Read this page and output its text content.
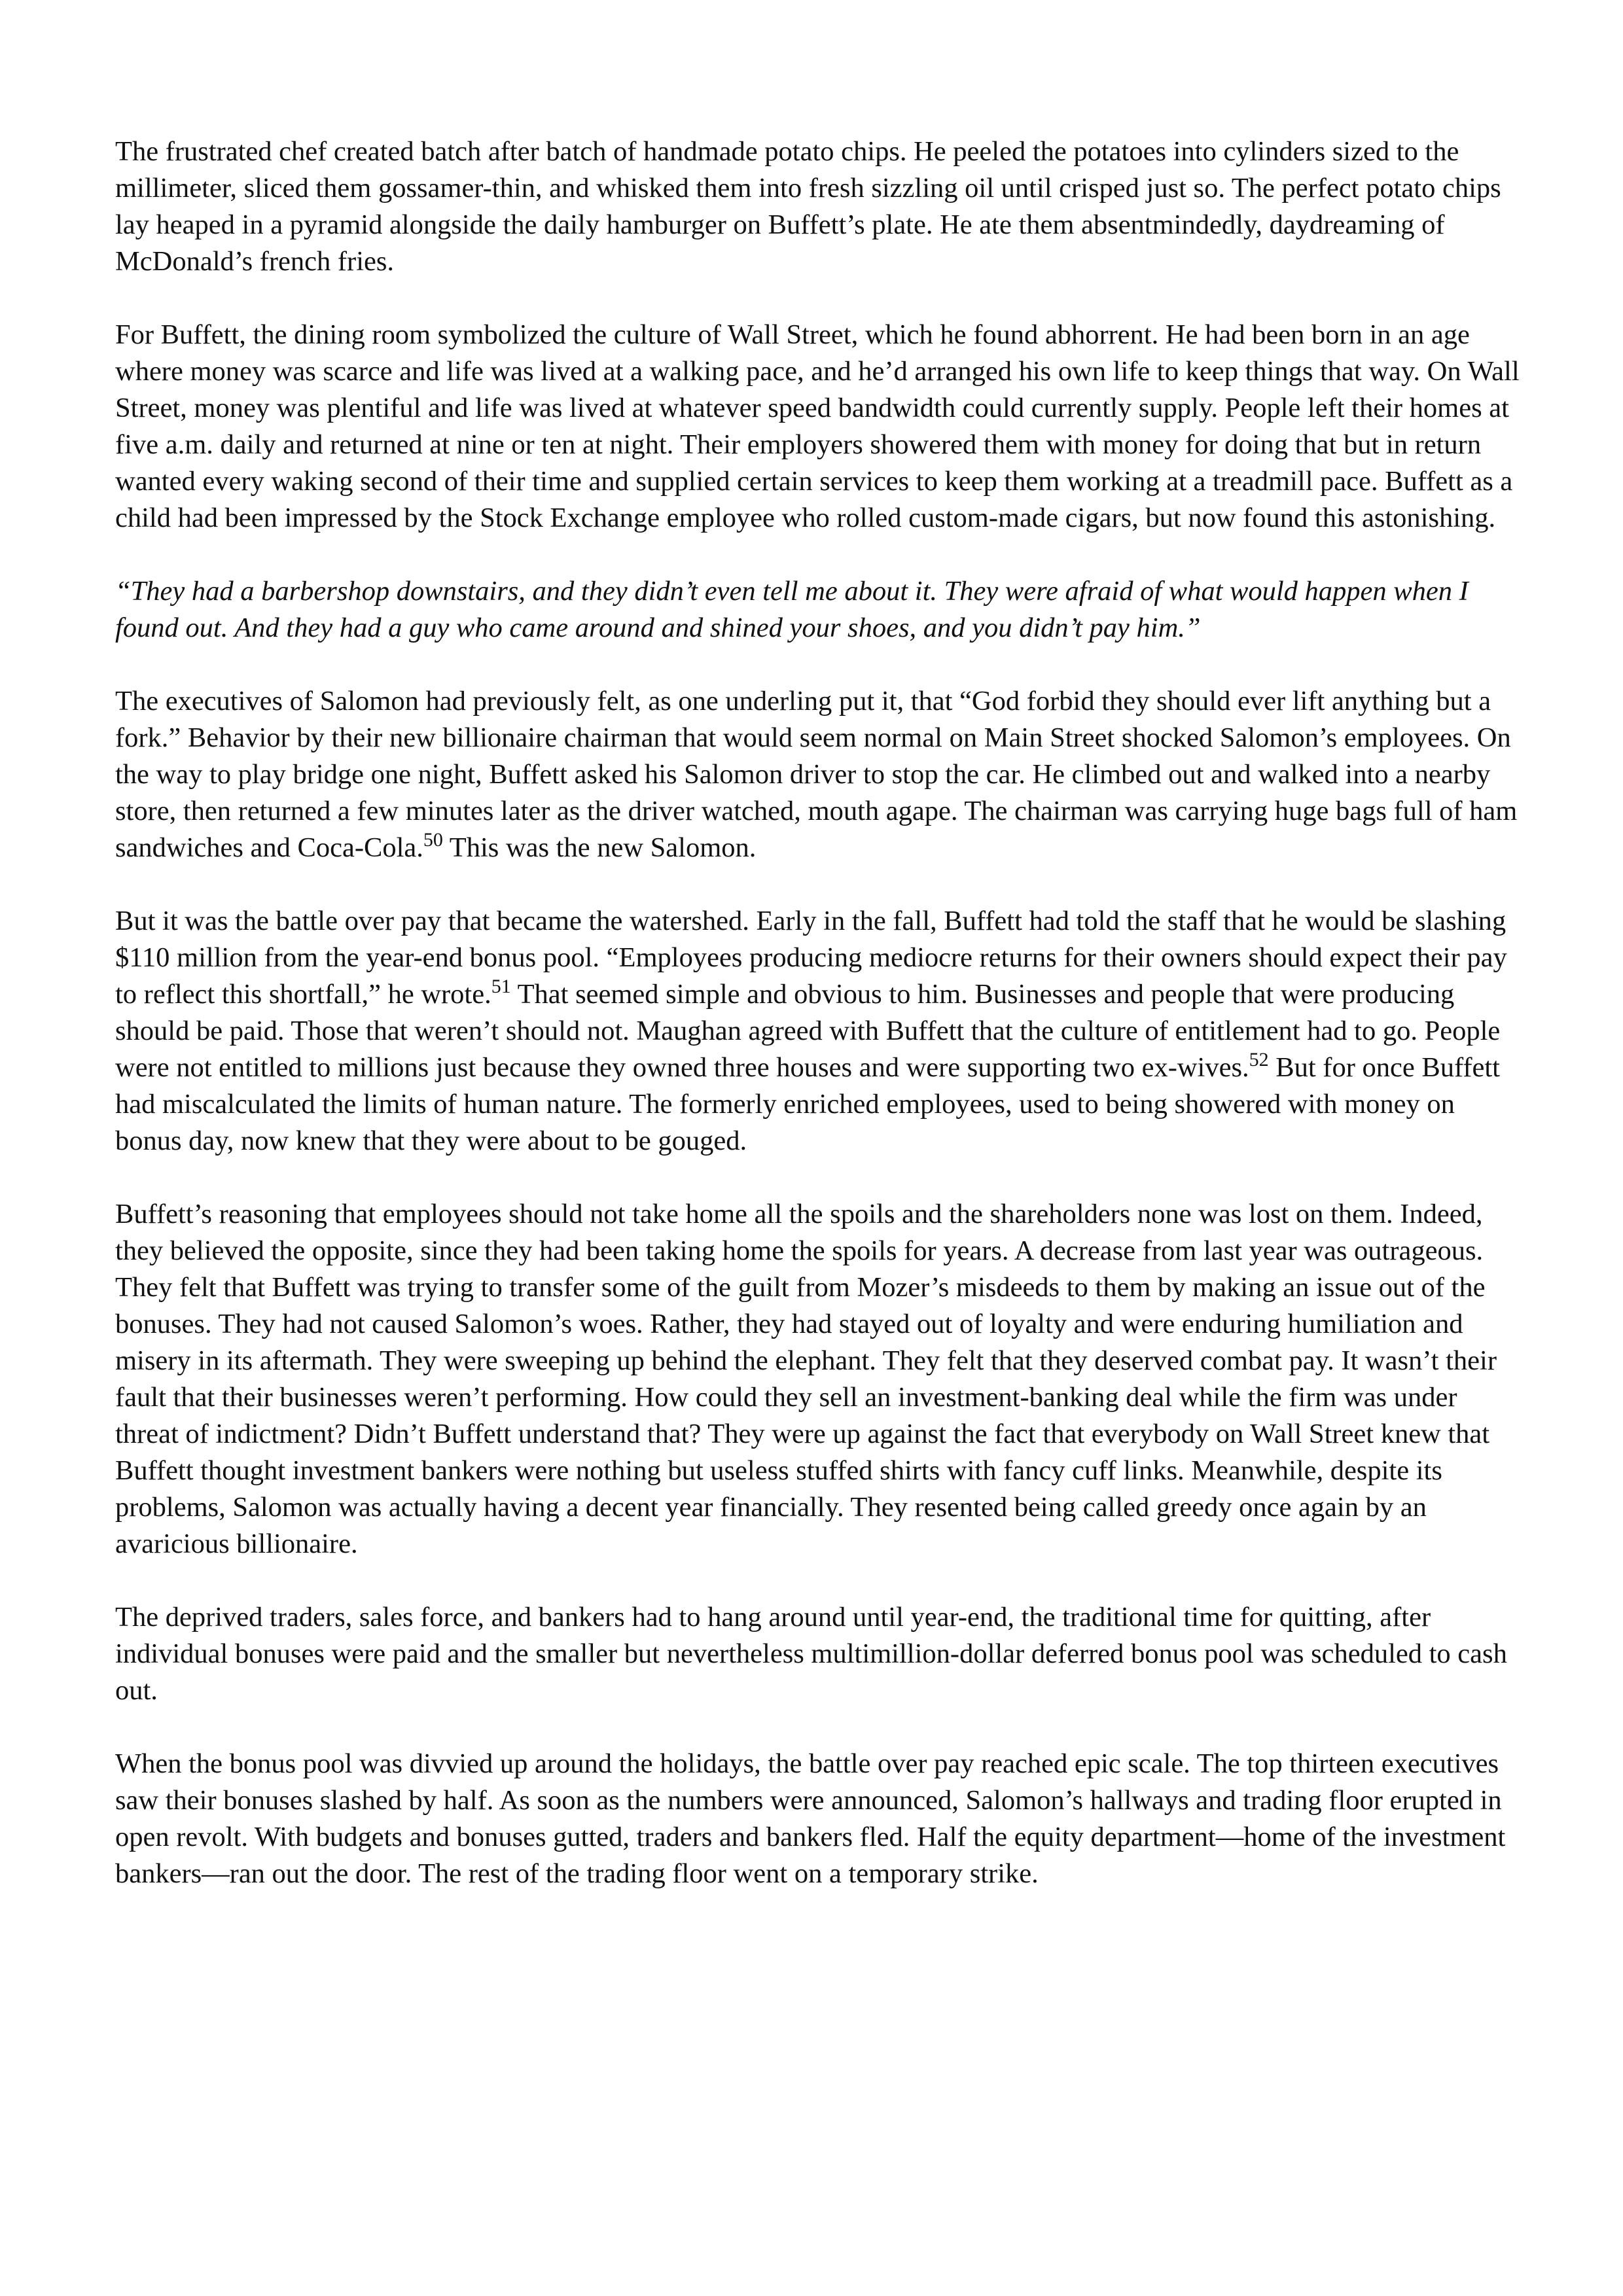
The frustrated chef created batch after batch of handmade potato chips. He peeled the potatoes into cylinders sized to the millimeter, sliced them gossamer-thin, and whisked them into fresh sizzling oil until crisped just so. The perfect potato chips lay heaped in a pyramid alongside the daily hamburger on Buffett’s plate. He ate them absentmindedly, daydreaming of McDonald’s french fries.

For Buffett, the dining room symbolized the culture of Wall Street, which he found abhorrent. He had been born in an age where money was scarce and life was lived at a walking pace, and he’d arranged his own life to keep things that way. On Wall Street, money was plentiful and life was lived at whatever speed bandwidth could currently supply. People left their homes at five a.m. daily and returned at nine or ten at night. Their employers showered them with money for doing that but in return wanted every waking second of their time and supplied certain services to keep them working at a treadmill pace. Buffett as a child had been impressed by the Stock Exchange employee who rolled custom-made cigars, but now found this astonishing.

“They had a barbershop downstairs, and they didn’t even tell me about it. They were afraid of what would happen when I found out. And they had a guy who came around and shined your shoes, and you didn’t pay him.”

The executives of Salomon had previously felt, as one underling put it, that “God forbid they should ever lift anything but a fork.” Behavior by their new billionaire chairman that would seem normal on Main Street shocked Salomon’s employees. On the way to play bridge one night, Buffett asked his Salomon driver to stop the car. He climbed out and walked into a nearby store, then returned a few minutes later as the driver watched, mouth agape. The chairman was carrying huge bags full of ham sandwiches and Coca-Cola.$^{50}$ This was the new Salomon.

But it was the battle over pay that became the watershed. Early in the fall, Buffett had told the staff that he would be slashing $110 million from the year-end bonus pool. “Employees producing mediocre returns for their owners should expect their pay to reflect this shortfall,” he wrote.$^{51}$ That seemed simple and obvious to him. Businesses and people that were producing should be paid. Those that weren’t should not. Maughan agreed with Buffett that the culture of entitlement had to go. People were not entitled to millions just because they owned three houses and were supporting two ex-wives.$^{52}$ But for once Buffett had miscalculated the limits of human nature. The formerly enriched employees, used to being showered with money on bonus day, now knew that they were about to be gouged.

Buffett’s reasoning that employees should not take home all the spoils and the shareholders none was lost on them. Indeed, they believed the opposite, since they had been taking home the spoils for years. A decrease from last year was outrageous. They felt that Buffett was trying to transfer some of the guilt from Mozer’s misdeeds to them by making an issue out of the bonuses. They had not caused Salomon’s woes. Rather, they had stayed out of loyalty and were enduring humiliation and misery in its aftermath. They were sweeping up behind the elephant. They felt that they deserved combat pay. It wasn’t their fault that their businesses weren’t performing. How could they sell an investment-banking deal while the firm was under threat of indictment? Didn’t Buffett understand that? They were up against the fact that everybody on Wall Street knew that Buffett thought investment bankers were nothing but useless stuffed shirts with fancy cuff links. Meanwhile, despite its problems, Salomon was actually having a decent year financially. They resented being called greedy once again by an avaricious billionaire.

The deprived traders, sales force, and bankers had to hang around until year-end, the traditional time for quitting, after individual bonuses were paid and the smaller but nevertheless multimillion-dollar deferred bonus pool was scheduled to cash out.

When the bonus pool was divvied up around the holidays, the battle over pay reached epic scale. The top thirteen executives saw their bonuses slashed by half. As soon as the numbers were announced, Salomon’s hallways and trading floor erupted in open revolt. With budgets and bonuses gutted, traders and bankers fled. Half the equity department—home of the investment bankers—ran out the door. The rest of the trading floor went on a temporary strike.
